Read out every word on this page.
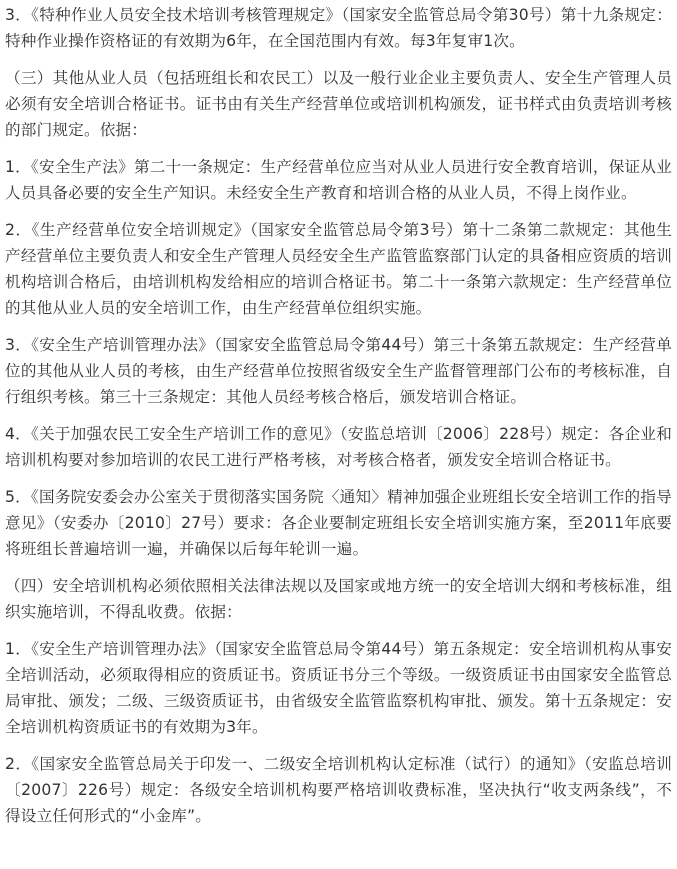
3．《特种作业人员安全技术培训考核管理规定》（国家安全监管总局令第30号）第十九条规定：特种作业操作资格证的有效期为6年，在全国范围内有效。每3年复审1次。

（三）其他从业人员（包括班组长和农民工）以及一般行业企业主要负责人、安全生产管理人员必须有安全培训合格证书。证书由有关生产经营单位或培训机构颁发，证书样式由负责培训考核的部门规定。依据：

1．《安全生产法》第二十一条规定：生产经营单位应当对从业人员进行安全教育培训，保证从业人员具备必要的安全生产知识。未经安全生产教育和培训合格的从业人员，不得上岗作业。

2．《生产经营单位安全培训规定》（国家安全监管总局令第3号）第十二条第二款规定：其他生产经营单位主要负责人和安全生产管理人员经安全生产监管监察部门认定的具备相应资质的培训机构培训合格后，由培训机构发给相应的培训合格证书。第二十一条第六款规定：生产经营单位的其他从业人员的安全培训工作，由生产经营单位组织实施。

3．《安全生产培训管理办法》（国家安全监管总局令第44号）第三十条第五款规定：生产经营单位的其他从业人员的考核，由生产经营单位按照省级安全生产监督管理部门公布的考核标准，自行组织考核。第三十三条规定：其他人员经考核合格后，颁发培训合格证。

4．《关于加强农民工安全生产培训工作的意见》（安监总培训〔2006〕228号）规定：各企业和培训机构要对参加培训的农民工进行严格考核，对考核合格者，颁发安全培训合格证书。

5．《国务院安委会办公室关于贯彻落实国务院〈通知〉精神加强企业班组长安全培训工作的指导意见》（安委办〔2010〕27号）要求：各企业要制定班组长安全培训实施方案，至2011年底要将班组长普遍培训一遍，并确保以后每年轮训一遍。

（四）安全培训机构必须依照相关法律法规以及国家或地方统一的安全培训大纲和考核标准，组织实施培训，不得乱收费。依据：

1．《安全生产培训管理办法》（国家安全监管总局令第44号）第五条规定：安全培训机构从事安全培训活动，必须取得相应的资质证书。资质证书分三个等级。一级资质证书由国家安全监管总局审批、颁发；二级、三级资质证书，由省级安全监管监察机构审批、颁发。第十五条规定：安全培训机构资质证书的有效期为3年。

2．《国家安全监管总局关于印发一、二级安全培训机构认定标准（试行）的通知》（安监总培训〔2007〕226号）规定：各级安全培训机构要严格培训收费标准，坚决执行“收支两条线”，不得设立任何形式的“小金库”。
